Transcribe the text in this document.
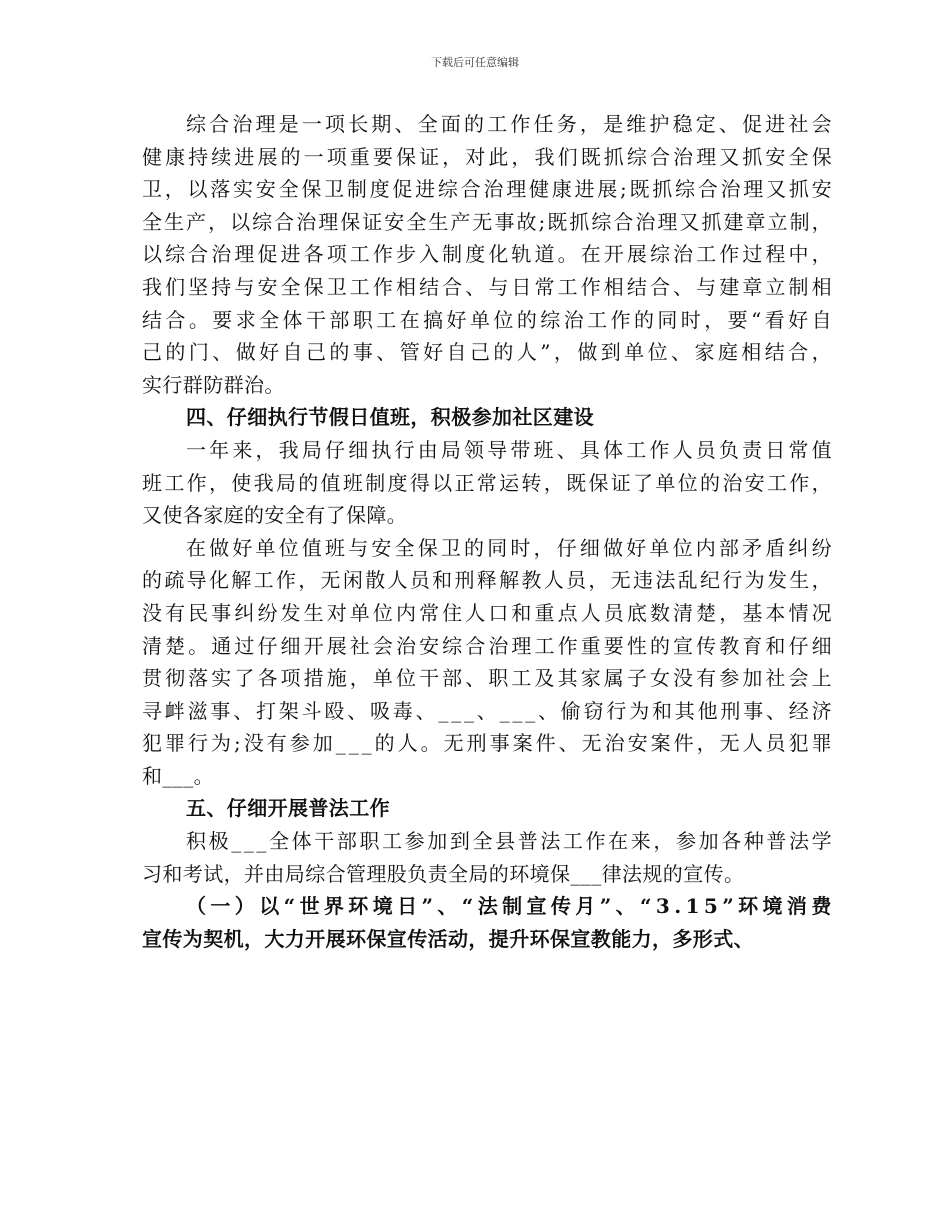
下载后可任意编辑
综合治理是一项长期、全面的工作任务，是维护稳定、促进社会
健康持续进展的一项重要保证，对此，我们既抓综合治理又抓安全保
卫，以落实安全保卫制度促进综合治理健康进展;既抓综合治理又抓安
全生产，以综合治理保证安全生产无事故;既抓综合治理又抓建章立制，
以综合治理促进各项工作步入制度化轨道。在开展综治工作过程中，
我们坚持与安全保卫工作相结合、与日常工作相结合、与建章立制相
结合。要求全体干部职工在搞好单位的综治工作的同时，要“看好自
己的门、做好自己的事、管好自己的人”，做到单位、家庭相结合，
实行群防群治。
四、仔细执行节假日值班，积极参加社区建设
一年来，我局仔细执行由局领导带班、具体工作人员负责日常值
班工作，使我局的值班制度得以正常运转，既保证了单位的治安工作，
又使各家庭的安全有了保障。
在做好单位值班与安全保卫的同时，仔细做好单位内部矛盾纠纷
的疏导化解工作，无闲散人员和刑释解教人员，无违法乱纪行为发生，
没有民事纠纷发生对单位内常住人口和重点人员底数清楚，基本情况
清楚。通过仔细开展社会治安综合治理工作重要性的宣传教育和仔细
贯彻落实了各项措施，单位干部、职工及其家属子女没有参加社会上
寻衅滋事、打架斗殴、吸毒、___、___、偷窃行为和其他刑事、经济
犯罪行为;没有参加___的人。无刑事案件、无治安案件，无人员犯罪
和___。
五、仔细开展普法工作
积极___全体干部职工参加到全县普法工作在来，参加各种普法学
习和考试，并由局综合管理股负责全局的环境保___律法规的宣传。
（一）以“世界环境日”、“法制宣传月”、“3.15”环境消费
宣传为契机，大力开展环保宣传活动，提升环保宣教能力，多形式、
